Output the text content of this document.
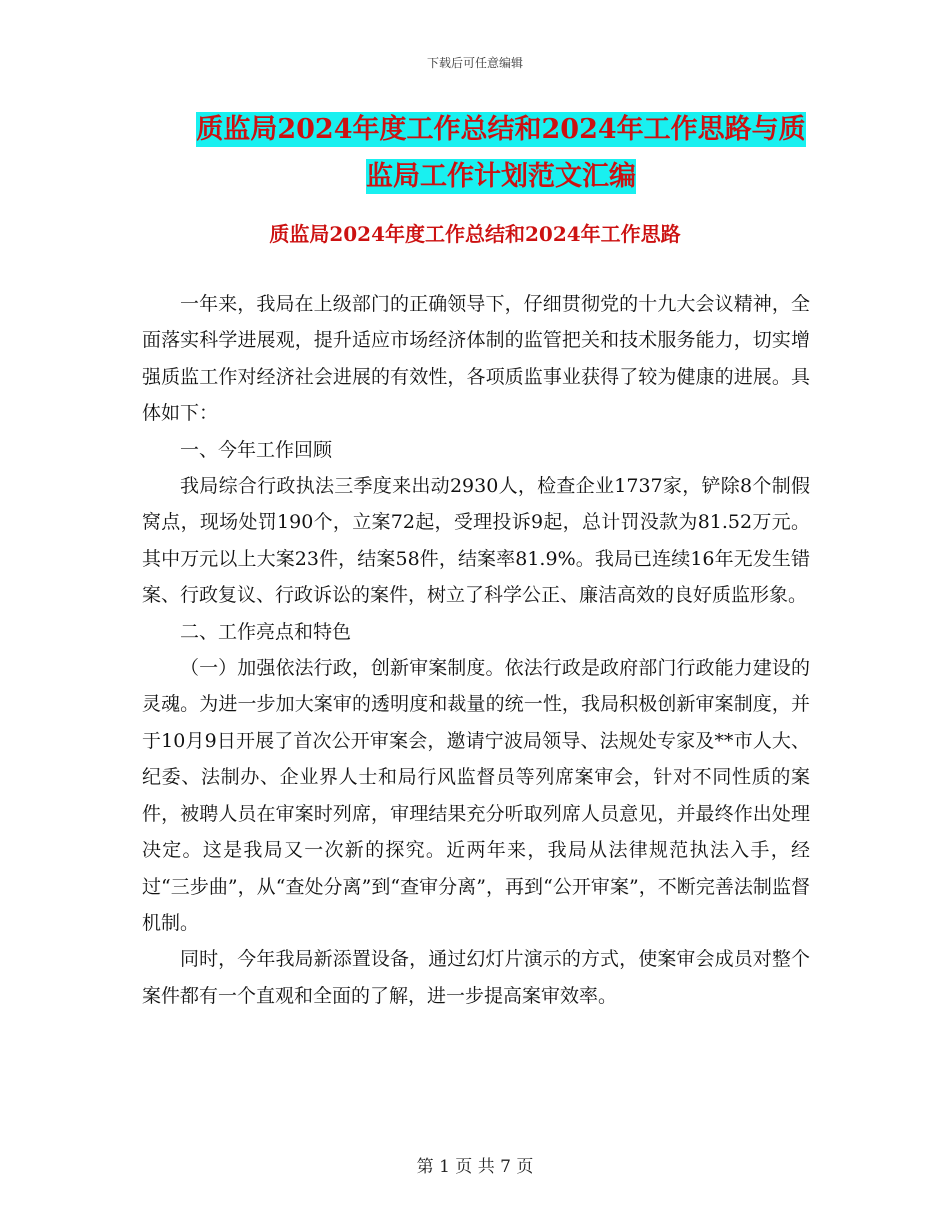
下载后可任意编辑
质监局2024年度工作总结和2024年工作思路与质监局工作计划范文汇编
质监局2024年度工作总结和2024年工作思路

一年来，我局在上级部门的正确领导下，仔细贯彻党的十九大会议精神，全面落实科学进展观，提升适应市场经济体制的监管把关和技术服务能力，切实增强质监工作对经济社会进展的有效性，各项质监事业获得了较为健康的进展。具体如下：

一、今年工作回顾

我局综合行政执法三季度来出动2930人，检查企业1737家，铲除8个制假窝点，现场处罚190个，立案72起，受理投诉9起，总计罚没款为81.52万元。其中万元以上大案23件，结案58件，结案率81.9%。我局已连续16年无发生错案、行政复议、行政诉讼的案件，树立了科学公正、廉洁高效的良好质监形象。

二、工作亮点和特色

（一）加强依法行政，创新审案制度。依法行政是政府部门行政能力建设的灵魂。为进一步加大案审的透明度和裁量的统一性，我局积极创新审案制度，并于10月9日开展了首次公开审案会，邀请宁波局领导、法规处专家及**市人大、纪委、法制办、企业界人士和局行风监督员等列席案审会，针对不同性质的案件，被聘人员在审案时列席，审理结果充分听取列席人员意见，并最终作出处理决定。这是我局又一次新的探究。近两年来，我局从法律规范执法入手，经过“三步曲”，从“查处分离”到“查审分离”，再到“公开审案”，不断完善法制监督机制。

同时，今年我局新添置设备，通过幻灯片演示的方式，使案审会成员对整个案件都有一个直观和全面的了解，进一步提高案审效率。

第 1 页 共 7 页
